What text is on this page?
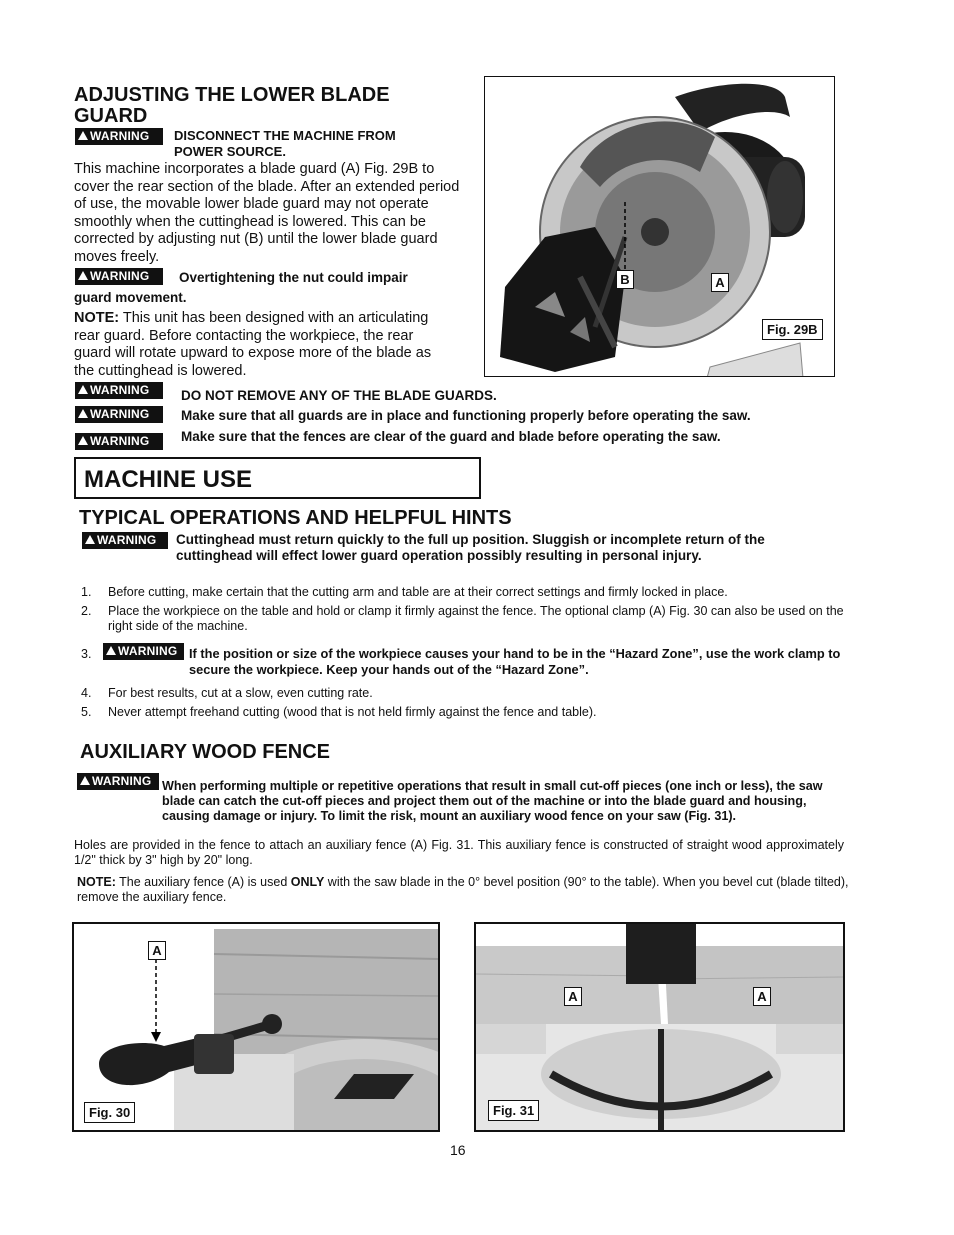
ADJUSTING THE LOWER BLADE GUARD
WARNING	DISCONNECT THE MACHINE FROM POWER SOURCE.
This machine incorporates a blade guard (A) Fig. 29B to cover the rear section of the blade. After an extended period of use, the movable lower blade guard may not operate smoothly when the cuttinghead is lowered. This can be corrected by adjusting nut (B) until the lower blade guard moves freely.
WARNING	Overtightening the nut could impair
guard movement.
NOTE: This unit has been designed with an articulating rear guard. Before contacting the workpiece, the rear guard will rotate upward to expose more of the blade as the cuttinghead is lowered.
WARNING	DO NOT REMOVE ANY OF THE BLADE GUARDS.
WARNING	Make sure that all guards are in place and functioning properly before operating the saw.
WARNING	Make sure that the fences are clear of the guard and blade before operating the saw.
B	A
Fig. 29B
MACHINE USE
TYPICAL OPERATIONS AND HELPFUL HINTS
WARNING	Cuttinghead must return quickly to the full up position. Sluggish or incomplete return of the cuttinghead will effect lower guard operation possibly resulting in personal injury.
1. Before cutting, make certain that the cutting arm and table are at their correct settings and firmly locked in place.
2. Place the workpiece on the table and hold or clamp it firmly against the fence. The optional clamp (A) Fig. 30 can also be used on the right side of the machine.
3.	WARNING If the position or size of the workpiece causes your hand to be in the “Hazard Zone”, use the work clamp to secure the workpiece. Keep your hands out of the “Hazard Zone”.
4. For best results, cut at a slow, even cutting rate.
5. Never attempt freehand cutting (wood that is not held firmly against the fence and table).
AUXILIARY WOOD FENCE
WARNING When performing multiple or repetitive operations that result in small cut-off pieces (one inch or less), the saw blade can catch the cut-off pieces and project them out of the machine or into the blade guard and housing, causing damage or injury. To limit the risk, mount an auxiliary wood fence on your saw (Fig. 31).
Holes are provided in the fence to attach an auxiliary fence (A) Fig. 31. This auxiliary fence is constructed of straight wood approximately 1/2" thick by 3" high by 20" long.
NOTE: The auxiliary fence (A) is used ONLY with the saw blade in the 0° bevel position (90° to the table). When you bevel cut (blade tilted), remove the auxiliary fence.
A
Fig. 30
A	A
Fig. 31
16
